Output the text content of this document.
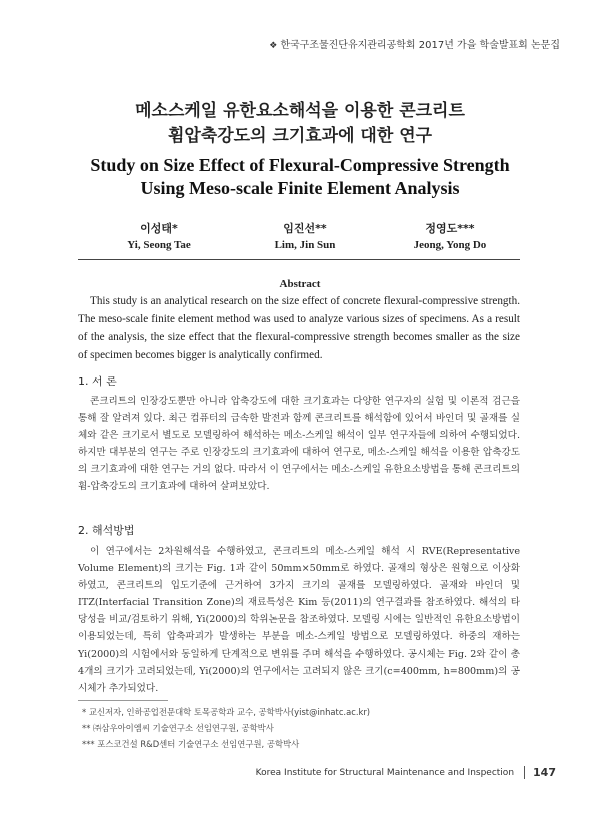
❖ 한국구조물진단유지관리공학회 2017년 가을 학술발표회 논문집
메소스케일 유한요소해석을 이용한 콘크리트
휨압축강도의 크기효과에 대한 연구
Study on Size Effect of Flexural-Compressive Strength
Using Meso-scale Finite Element Analysis
이성태*
Yi, Seong Tae
임진선**
Lim, Jin Sun
정영도***
Jeong, Yong Do
Abstract
This study is an analytical research on the size effect of concrete flexural-compressive strength. The meso-scale finite element method was used to analyze various sizes of specimens. As a result of the analysis, the size effect that the flexural-compressive strength becomes smaller as the size of specimen becomes bigger is analytically confirmed.
1. 서 론
콘크리트의 인장강도뿐만 아니라 압축강도에 대한 크기효과는 다양한 연구자의 실험 및 이론적 검근을 통해 잘 알려져 있다. 최근 컴퓨터의 급속한 발전과 함께 콘크리트를 해석함에 있어서 바인더 및 골재를 실체와 같은 크기로서 별도로 모델링하여 해석하는 메소-스케일 해석이 일부 연구자들에 의하여 수행되었다. 하지만 대부분의 연구는 주로 인장강도의 크기효과에 대하여 연구로, 메소-스케일 해석을 이용한 압축강도의 크기효과에 대한 연구는 거의 없다. 따라서 이 연구에서는 메소-스케일 유한요소방법을 통해 콘크리트의 휨-압축강도의 크기효과에 대하여 살펴보았다.
2. 해석방법
이 연구에서는 2차원해석을 수행하였고, 콘크리트의 메소-스케일 해석 시 RVE(Representative Volume Element)의 크기는 Fig. 1과 같이 50mm×50mm로 하였다. 골재의 형상은 원형으로 이상화하였고, 콘크리트의 입도기준에 근거하여 3가지 크기의 골재를 모델링하였다. 골재와 바인더 및 ITZ(Interfacial Transition Zone)의 재료특성은 Kim 등(2011)의 연구결과를 참조하였다. 해석의 타당성을 비교/검토하기 위해, Yi(2000)의 학위논문을 참조하였다. 모델링 시에는 일반적인 유한요소방법이 이용되었는데, 특히 압축파괴가 발생하는 부분을 메소-스케일 방법으로 모델링하였다. 하중의 재하는 Yi(2000)의 시험에서와 동일하게 단계적으로 변위를 주며 해석을 수행하였다. 공시체는 Fig. 2와 같이 총 4개의 크기가 고려되었는데, Yi(2000)의 연구에서는 고려되지 않은 크기(c=400mm, h=800mm)의 공시체가 추가되었다.
* 교신저자, 인하공업전문대학 토목공학과 교수, 공학박사(yist@inhatc.ac.kr)
** ㈜삼우아이엠씨 기술연구소 선임연구원, 공학박사
*** 포스코건설 R&D센터 기술연구소 선임연구원, 공학박사
Korea Institute for Structural Maintenance and Inspection	147
